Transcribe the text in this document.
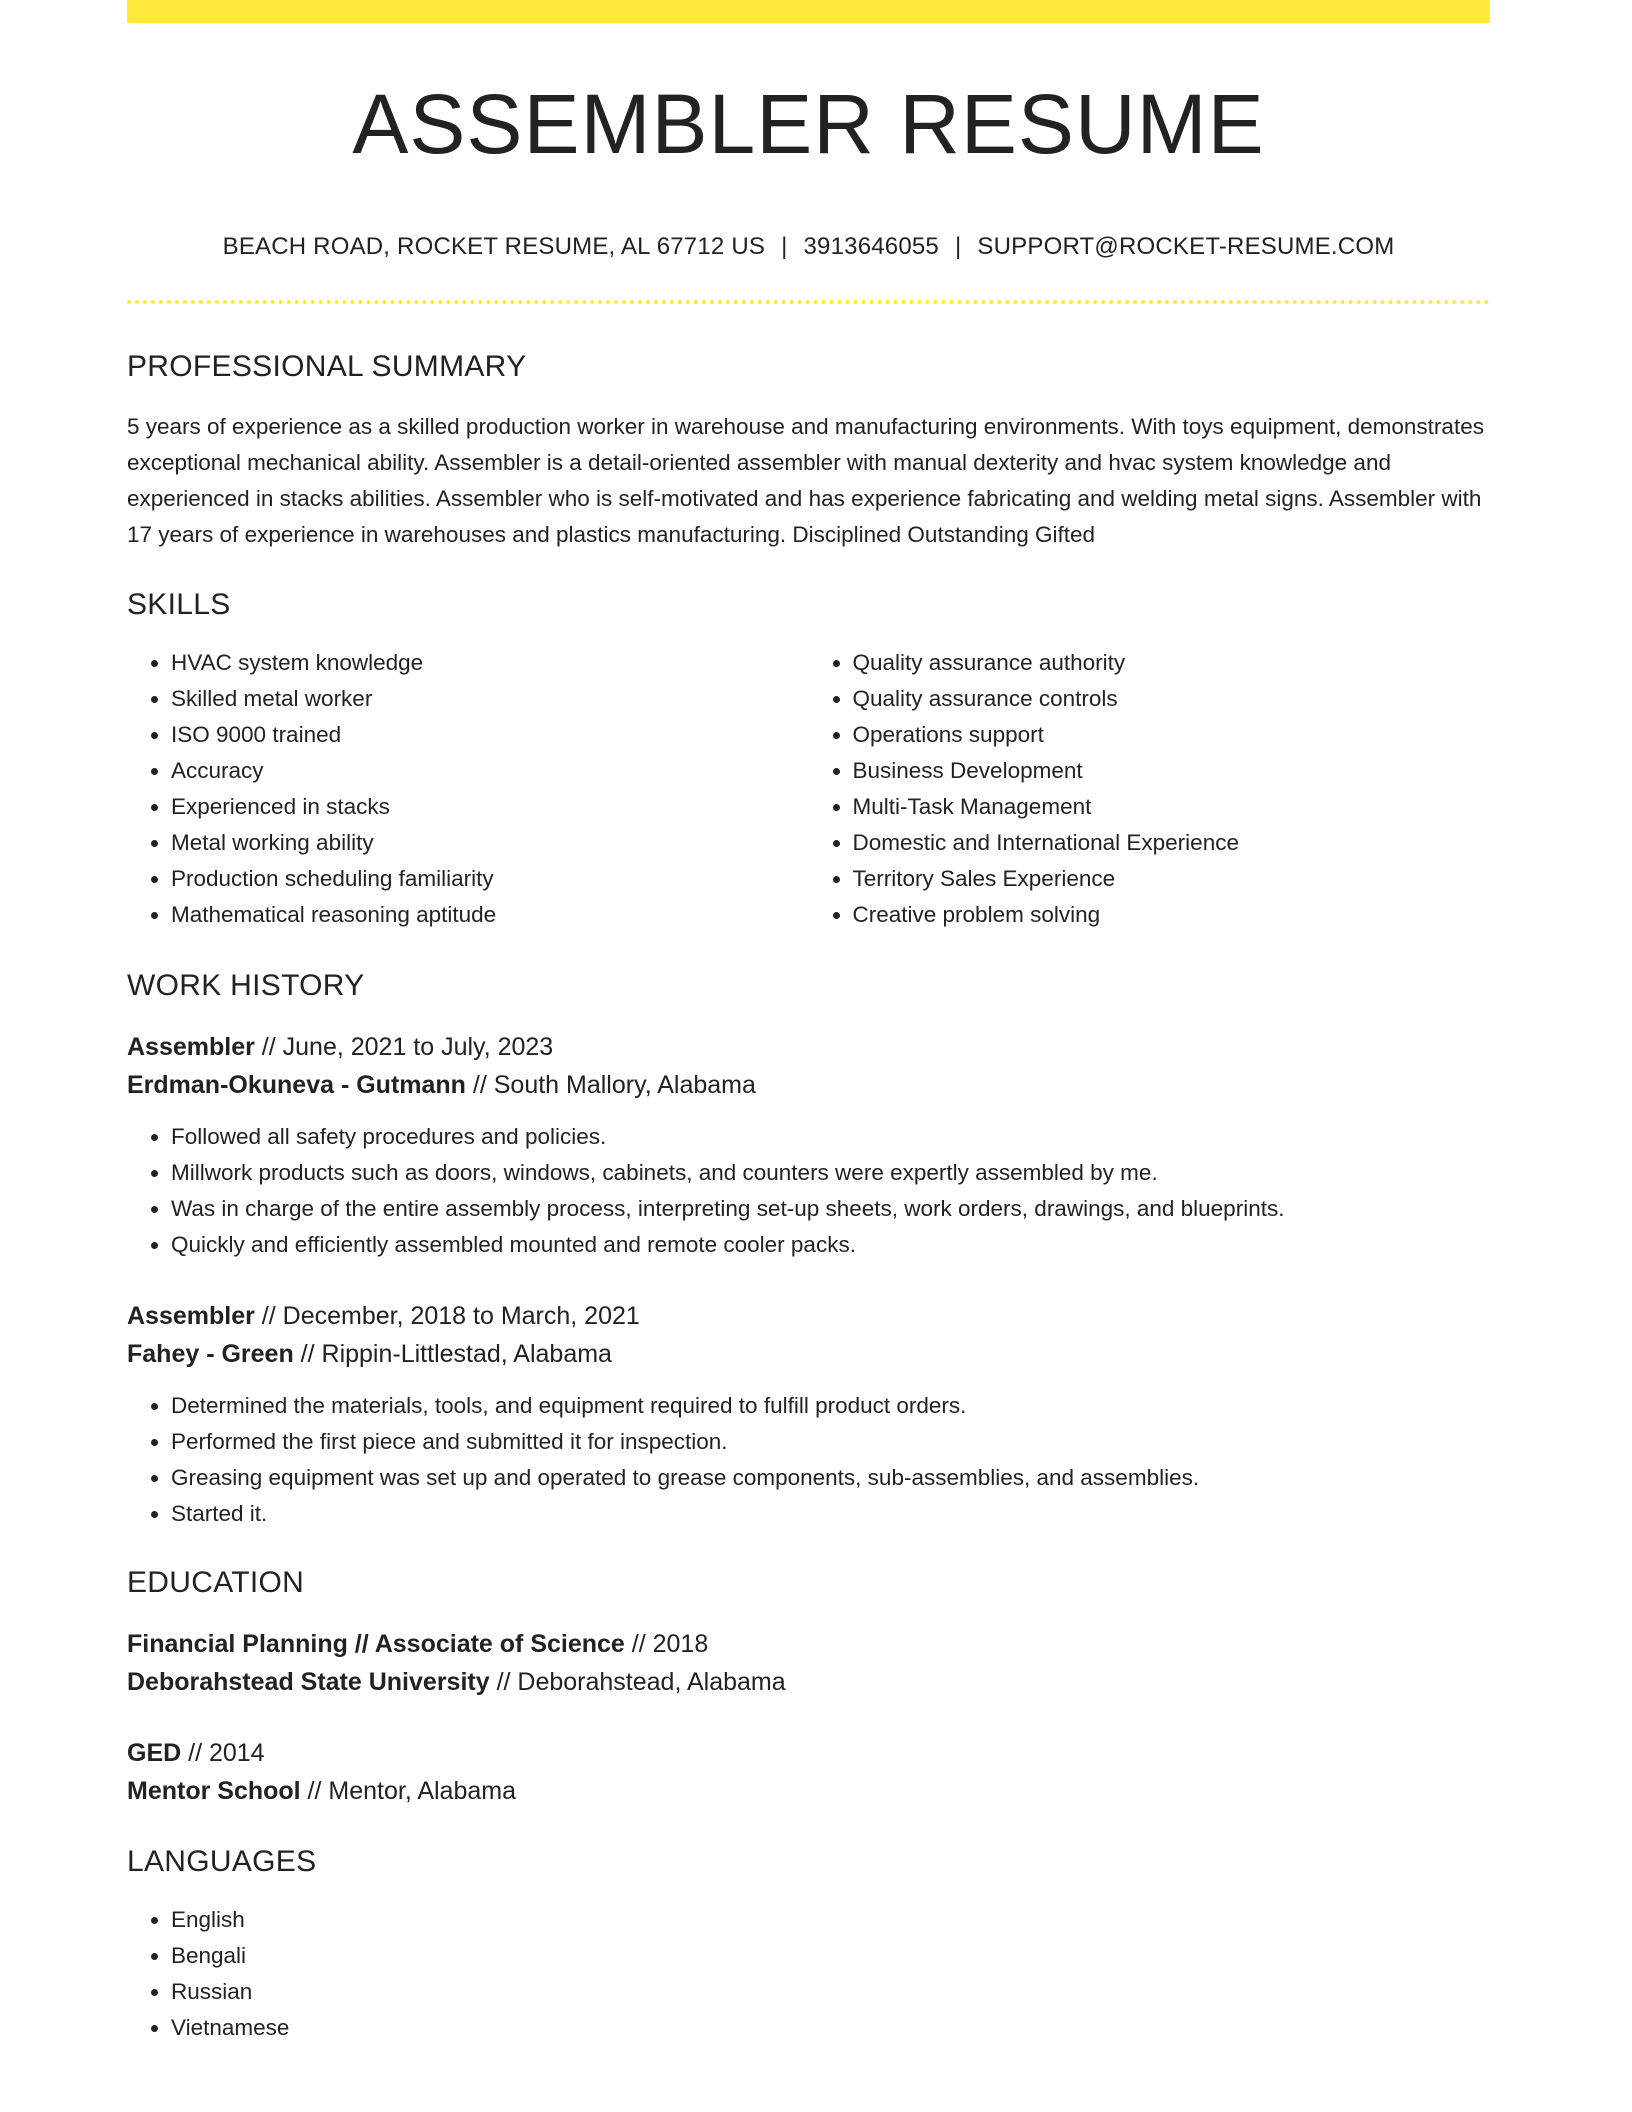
ASSEMBLER RESUME
BEACH ROAD, ROCKET RESUME, AL 67712 US | 3913646055 | SUPPORT@ROCKET-RESUME.COM
PROFESSIONAL SUMMARY
5 years of experience as a skilled production worker in warehouse and manufacturing environments. With toys equipment, demonstrates exceptional mechanical ability. Assembler is a detail-oriented assembler with manual dexterity and hvac system knowledge and experienced in stacks abilities. Assembler who is self-motivated and has experience fabricating and welding metal signs. Assembler with 17 years of experience in warehouses and plastics manufacturing. Disciplined Outstanding Gifted
SKILLS
• HVAC system knowledge
• Skilled metal worker
• ISO 9000 trained
• Accuracy
• Experienced in stacks
• Metal working ability
• Production scheduling familiarity
• Mathematical reasoning aptitude
• Quality assurance authority
• Quality assurance controls
• Operations support
• Business Development
• Multi-Task Management
• Domestic and International Experience
• Territory Sales Experience
• Creative problem solving
WORK HISTORY
Assembler // June, 2021 to July, 2023
Erdman-Okuneva - Gutmann // South Mallory, Alabama
• Followed all safety procedures and policies.
• Millwork products such as doors, windows, cabinets, and counters were expertly assembled by me.
• Was in charge of the entire assembly process, interpreting set-up sheets, work orders, drawings, and blueprints.
• Quickly and efficiently assembled mounted and remote cooler packs.
Assembler // December, 2018 to March, 2021
Fahey - Green // Rippin-Littlestad, Alabama
• Determined the materials, tools, and equipment required to fulfill product orders.
• Performed the first piece and submitted it for inspection.
• Greasing equipment was set up and operated to grease components, sub-assemblies, and assemblies.
• Started it.
EDUCATION
Financial Planning // Associate of Science // 2018
Deborahstead State University // Deborahstead, Alabama
GED // 2014
Mentor School // Mentor, Alabama
LANGUAGES
• English
• Bengali
• Russian
• Vietnamese
